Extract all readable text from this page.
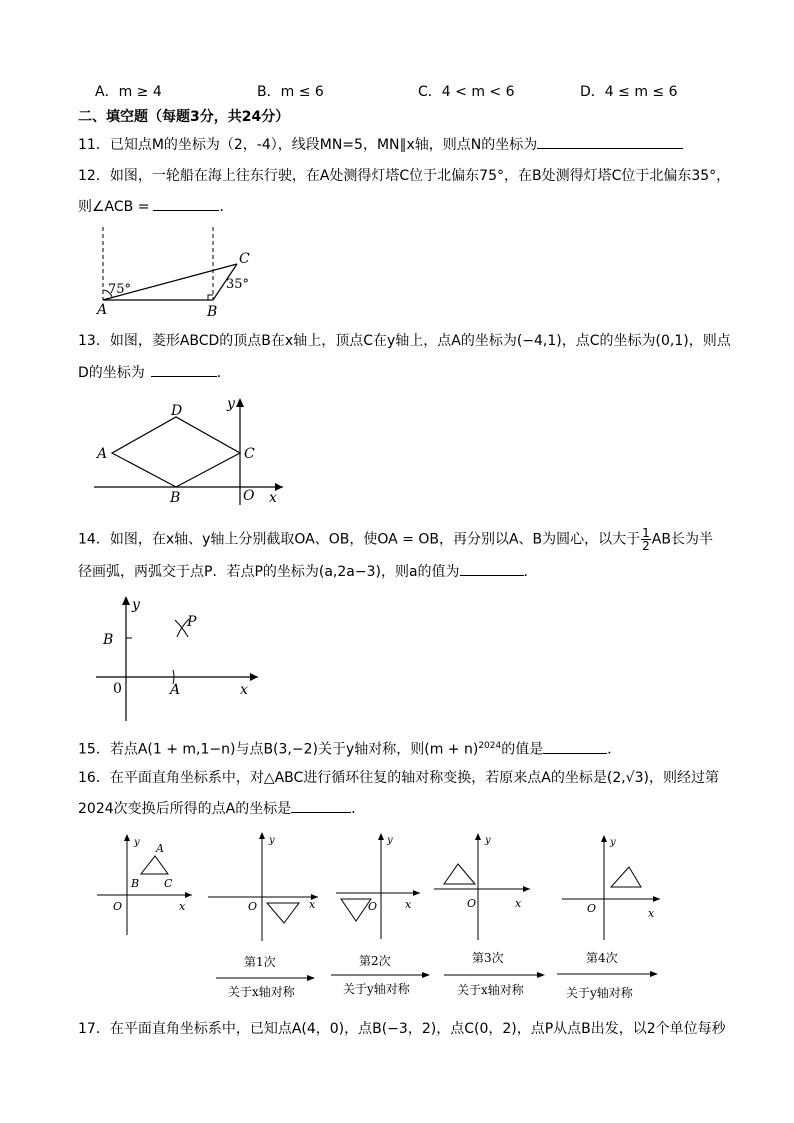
A．m ≥ 4	B．m ≤ 6	C．4 < m < 6	D．4 ≤ m ≤ 6
二、填空题（每题3分，共24分）
11．已知点M的坐标为（2，-4），线段MN=5，MN∥x轴，则点N的坐标为
12．如图，一轮船在海上往东行驶，在A处测得灯塔C位于北偏东75°，在B处测得灯塔C位于北偏东35°，
则∠ACB =	．
A	B
C
75°	35°
13．如图，菱形ABCD的顶点B在x轴上，顶点C在y轴上，点A的坐标为(−4,1)，点C的坐标为(0,1)，则点
D的坐标为	．
A
B
C
D
O x
y
14．如图，在x轴、y轴上分别截取OA、OB，使OA = OB，再分别以A、B为圆心，以大于 $\frac{1}{2}$ AB长为半
径画弧，两弧交于点P．若点P的坐标为(a,2a−3)，则a的值为	．
B
P
0	A	x
y
15．若点A(1 + m,1−n)与点B(3,−2)关于y轴对称，则$(m + n)^{2024}$的值是	．
16．在平面直角坐标系中，对△ABC进行循环往复的轴对称变换，若原来点A的坐标是(2,√3)，则经过第
2024次变换后所得的点A的坐标是	．
y A
B C
O	x
y
O	x
y
O	x
y
O	x
y
O	x
第1次
关于x轴对称
第2次
关于y轴对称
第3次
关于x轴对称
第4次
关于y轴对称
17．在平面直角坐标系中，已知点A(4，0)，点B(−3，2)，点C(0，2)，点P从点B出发，以2个单位每秒
